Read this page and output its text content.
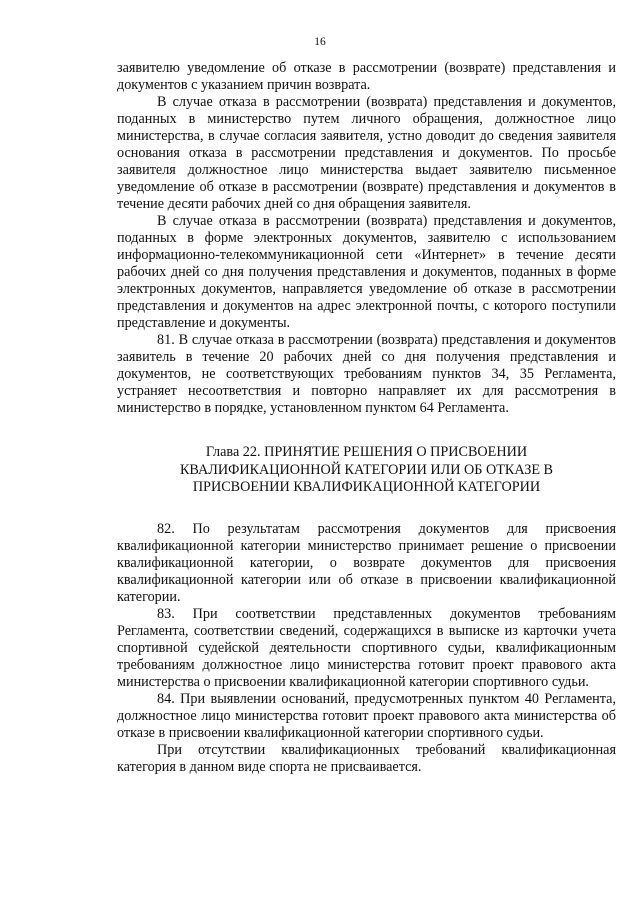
16

заявителю уведомление об отказе в рассмотрении (возврате) представления и документов с указанием причин возврата.

В случае отказа в рассмотрении (возврата) представления и документов, поданных в министерство путем личного обращения, должностное лицо министерства, в случае согласия заявителя, устно доводит до сведения заявителя основания отказа в рассмотрении представления и документов. По просьбе заявителя должностное лицо министерства выдает заявителю письменное уведомление об отказе в рассмотрении (возврате) представления и документов в течение десяти рабочих дней со дня обращения заявителя.

В случае отказа в рассмотрении (возврата) представления и документов, поданных в форме электронных документов, заявителю с использованием информационно-телекоммуникационной сети «Интернет» в течение десяти рабочих дней со дня получения представления и документов, поданных в форме электронных документов, направляется уведомление об отказе в рассмотрении представления и документов на адрес электронной почты, с которого поступили представление и документы.

81. В случае отказа в рассмотрении (возврата) представления и документов заявитель в течение 20 рабочих дней со дня получения представления и документов, не соответствующих требованиям пунктов 34, 35 Регламента, устраняет несоответствия и повторно направляет их для рассмотрения в министерство в порядке, установленном пунктом 64 Регламента.

Глава 22. ПРИНЯТИЕ РЕШЕНИЯ О ПРИСВОЕНИИ
КВАЛИФИКАЦИОННОЙ КАТЕГОРИИ ИЛИ ОБ ОТКАЗЕ В
ПРИСВОЕНИИ КВАЛИФИКАЦИОННОЙ КАТЕГОРИИ

82. По результатам рассмотрения документов для присвоения квалификационной категории министерство принимает решение о присвоении квалификационной категории, о возврате документов для присвоения квалификационной категории или об отказе в присвоении квалификационной категории.

83. При соответствии представленных документов требованиям Регламента, соответствии сведений, содержащихся в выписке из карточки учета спортивной судейской деятельности спортивного судьи, квалификационным требованиям должностное лицо министерства готовит проект правового акта министерства о присвоении квалификационной категории спортивного судьи.

84. При выявлении оснований, предусмотренных пунктом 40 Регламента, должностное лицо министерства готовит проект правового акта министерства об отказе в присвоении квалификационной категории спортивного судьи.

При отсутствии квалификационных требований квалификационная категория в данном виде спорта не присваивается.
